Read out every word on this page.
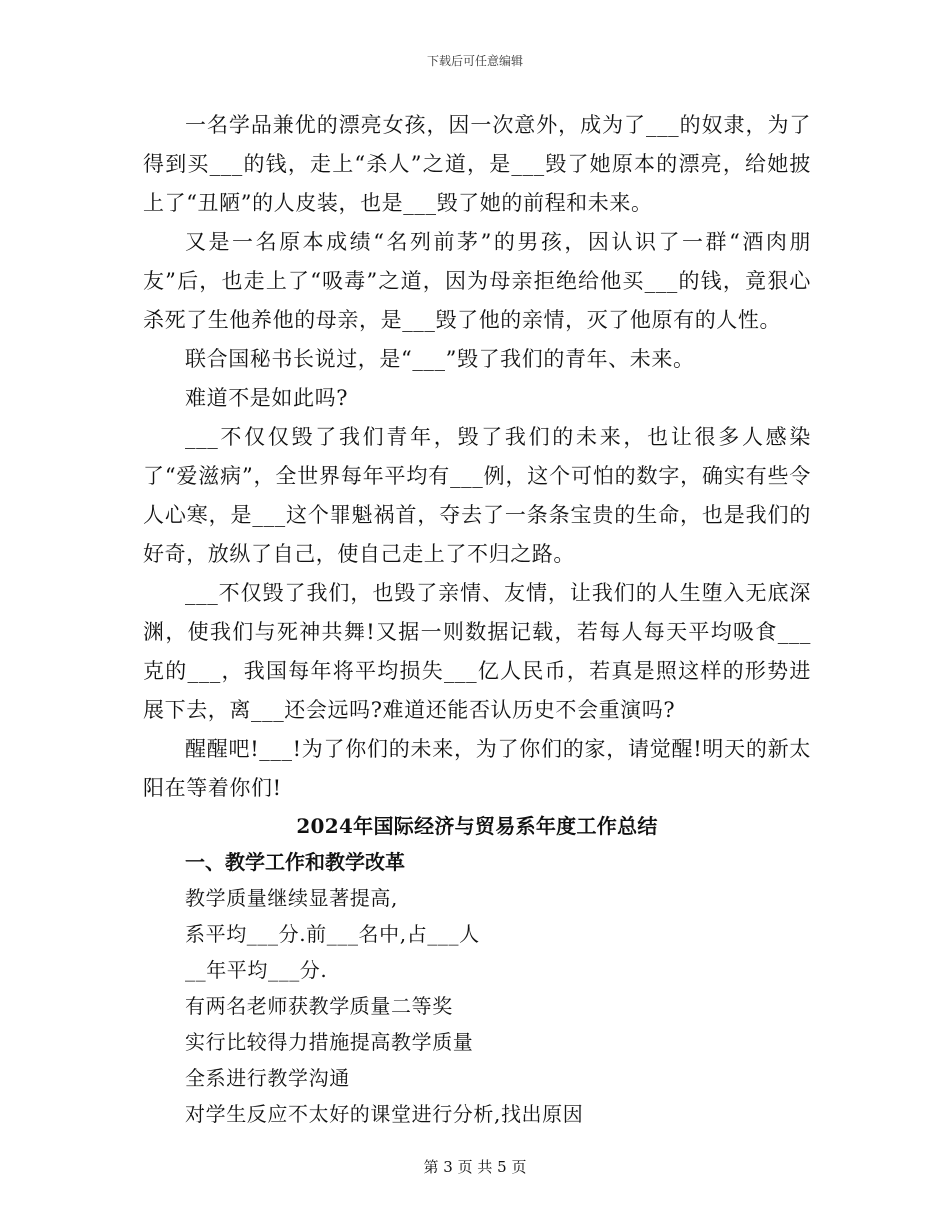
下载后可任意编辑

一名学品兼优的漂亮女孩，因一次意外，成为了___的奴隶，为了得到买___的钱，走上“杀人”之道，是___毁了她原本的漂亮，给她披上了“丑陋”的人皮装，也是___毁了她的前程和未来。

又是一名原本成绩“名列前茅”的男孩，因认识了一群“酒肉朋友”后，也走上了“吸毒”之道，因为母亲拒绝给他买___的钱，竟狠心杀死了生他养他的母亲，是___毁了他的亲情，灭了他原有的人性。

联合国秘书长说过，是“___”毁了我们的青年、未来。

难道不是如此吗?

___不仅仅毁了我们青年，毁了我们的未来，也让很多人感染了“爱滋病”，全世界每年平均有___例，这个可怕的数字，确实有些令人心寒，是___这个罪魁祸首，夺去了一条条宝贵的生命，也是我们的好奇，放纵了自己，使自己走上了不归之路。

___不仅毁了我们，也毁了亲情、友情，让我们的人生堕入无底深渊，使我们与死神共舞!又据一则数据记载，若每人每天平均吸食___克的___，我国每年将平均损失___亿人民币，若真是照这样的形势进展下去，离___还会远吗?难道还能否认历史不会重演吗?

醒醒吧!___!为了你们的未来，为了你们的家，请觉醒!明天的新太阳在等着你们!

2024年国际经济与贸易系年度工作总结
一、教学工作和教学改革

教学质量继续显著提高,

系平均___分.前___名中,占___人

__年平均___分.

有两名老师获教学质量二等奖

实行比较得力措施提高教学质量

全系进行教学沟通

对学生反应不太好的课堂进行分析,找出原因

第 3 页 共 5 页
